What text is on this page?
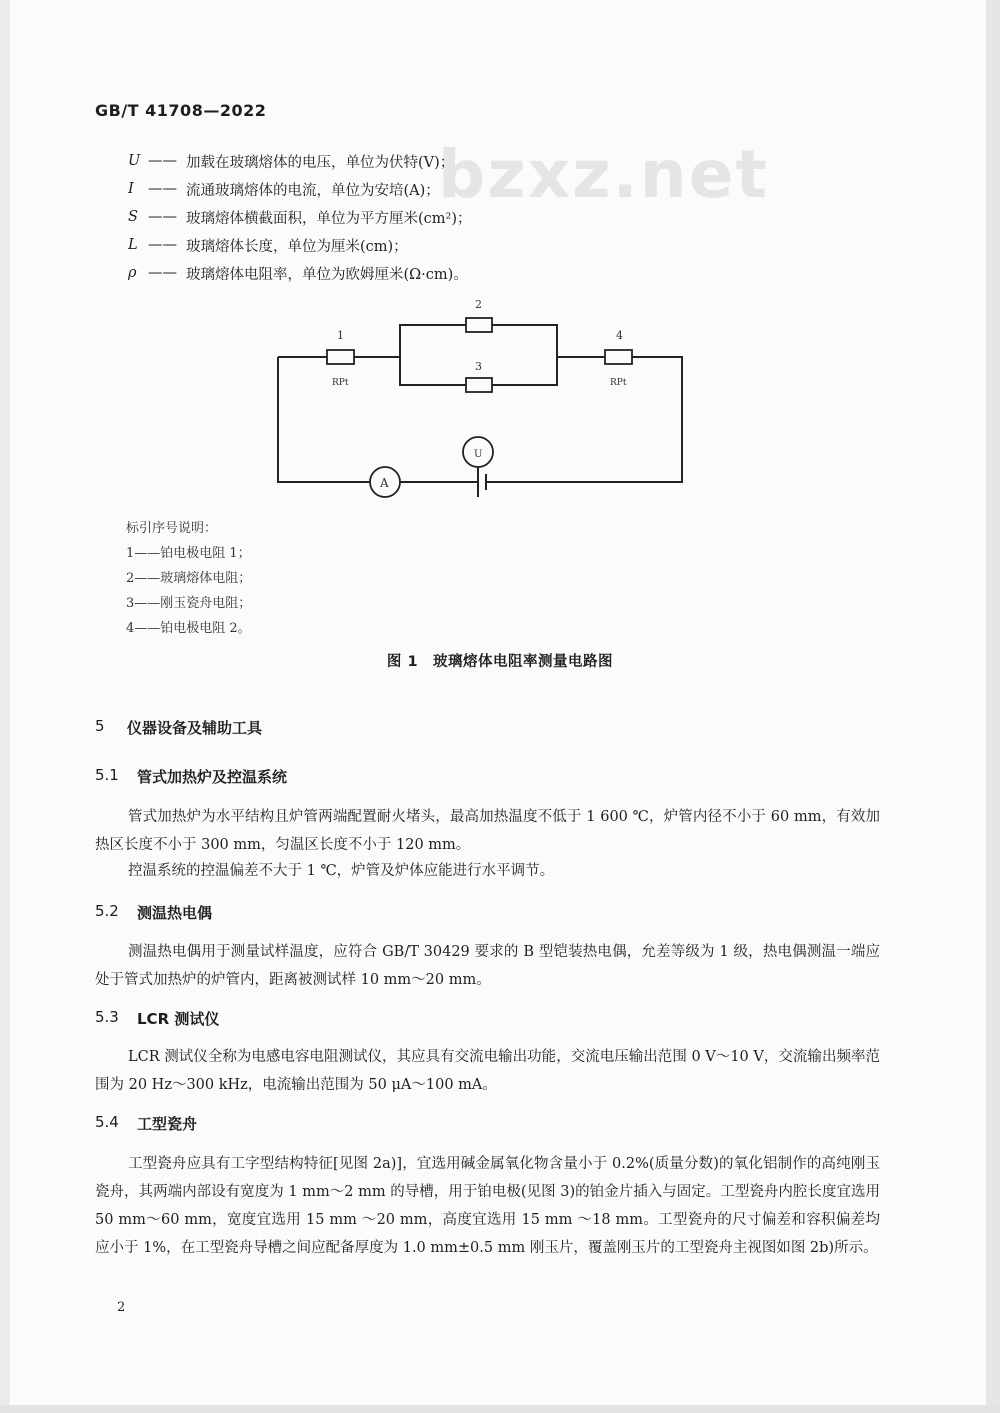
GB/T 41708—2022
bzxz.net
U —— 加载在玻璃熔体的电压，单位为伏特(V)；
I —— 流通玻璃熔体的电流，单位为安培(A)；
S —— 玻璃熔体横截面积，单位为平方厘米(cm²)；
L —— 玻璃熔体长度，单位为厘米(cm)；
ρ —— 玻璃熔体电阻率，单位为欧姆厘米(Ω·cm)。
1
2
3
4
RPt	RPt
A
U
标引序号说明：
1——铂电极电阻 1；
2——玻璃熔体电阻；
3——刚玉瓷舟电阻；
4——铂电极电阻 2。
图 1　玻璃熔体电阻率测量电路图
5	仪器设备及辅助工具
5.1	管式加热炉及控温系统

管式加热炉为水平结构且炉管两端配置耐火堵头，最高加热温度不低于 1 600 ℃，炉管内径不小于 60 mm，有效加热区长度不小于 300 mm，匀温区长度不小于 120 mm。

控温系统的控温偏差不大于 1 ℃，炉管及炉体应能进行水平调节。

5.2	测温热电偶

测温热电偶用于测量试样温度，应符合 GB/T 30429 要求的 B 型铠装热电偶，允差等级为 1 级，热电偶测温一端应处于管式加热炉的炉管内，距离被测试样 10 mm～20 mm。

5.3	LCR 测试仪

LCR 测试仪全称为电感电容电阻测试仪，其应具有交流电输出功能，交流电压输出范围 0 V～10 V，交流输出频率范围为 20 Hz～300 kHz，电流输出范围为 50 μA～100 mA。

5.4	工型瓷舟

工型瓷舟应具有工字型结构特征[见图 2a)]，宜选用碱金属氧化物含量小于 0.2%(质量分数)的氧化铝制作的高纯刚玉瓷舟，其两端内部设有宽度为 1 mm～2 mm 的导槽，用于铂电极(见图 3)的铂金片插入与固定。工型瓷舟内腔长度宜选用 50 mm～60 mm，宽度宜选用 15 mm ～20 mm，高度宜选用 15 mm ～18 mm。工型瓷舟的尺寸偏差和容积偏差均应小于 1%，在工型瓷舟导槽之间应配备厚度为 1.0 mm±0.5 mm 刚玉片，覆盖刚玉片的工型瓷舟主视图如图 2b)所示。

2
